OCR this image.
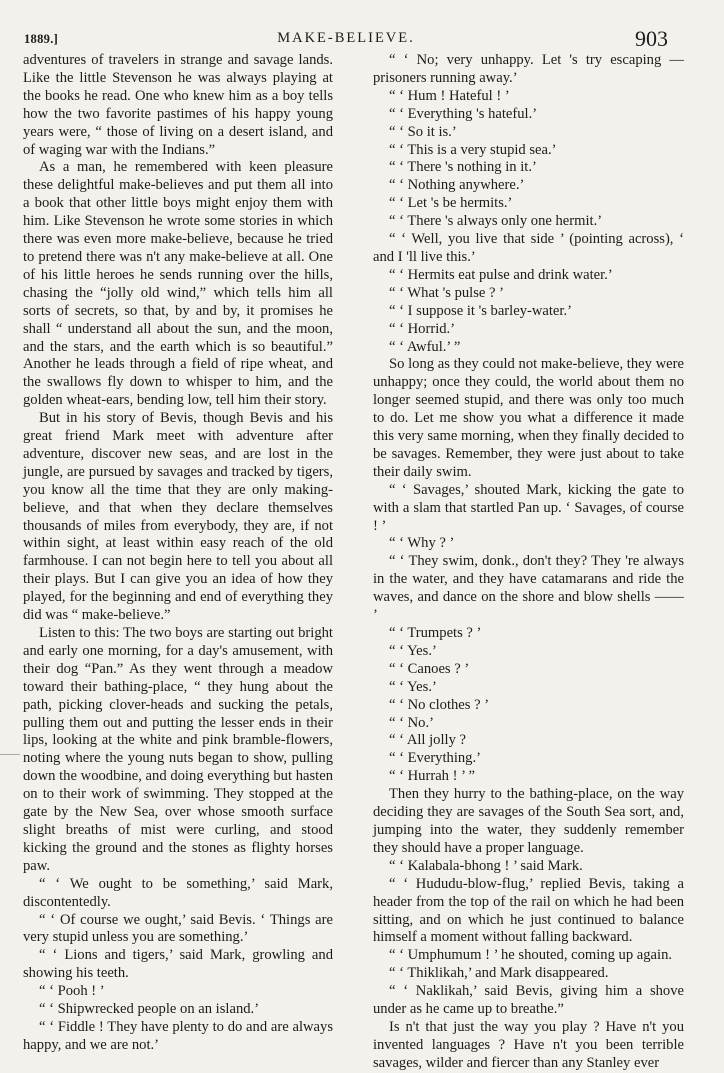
1889.]	MAKE-BELIEVE.	903

adventures of travelers in strange and savage lands. Like the little Stevenson he was always playing at the books he read. One who knew him as a boy tells how the two favorite pastimes of his happy young years were, “ those of living on a desert island, and of waging war with the Indians.”

As a man, he remembered with keen pleasure these delightful make-believes and put them all into a book that other little boys might enjoy them with him. Like Stevenson he wrote some stories in which there was even more make-believe, because he tried to pretend there was n't any make-believe at all. One of his little heroes he sends running over the hills, chasing the “jolly old wind,” which tells him all sorts of secrets, so that, by and by, it promises he shall “ understand all about the sun, and the moon, and the stars, and the earth which is so beautiful.” Another he leads through a field of ripe wheat, and the swallows fly down to whisper to him, and the golden wheat-ears, bending low, tell him their story.

But in his story of Bevis, though Bevis and his great friend Mark meet with adventure after adventure, discover new seas, and are lost in the jungle, are pursued by savages and tracked by tigers, you know all the time that they are only making-believe, and that when they declare themselves thousands of miles from everybody, they are, if not within sight, at least within easy reach of the old farmhouse. I can not begin here to tell you about all their plays. But I can give you an idea of how they played, for the beginning and end of everything they did was “ make-believe.”

Listen to this: The two boys are starting out bright and early one morning, for a day's amusement, with their dog “Pan.” As they went through a meadow toward their bathing-place, “ they hung about the path, picking clover-heads and sucking the petals, pulling them out and putting the lesser ends in their lips, looking at the white and pink bramble-flowers, noting where the young nuts began to show, pulling down the woodbine, and doing everything but hasten on to their work of swimming. They stopped at the gate by the New Sea, over whose smooth surface slight breaths of mist were curling, and stood kicking the ground and the stones as flighty horses paw.

“ ‘ We ought to be something,’ said Mark, discontentedly.

“ ‘ Of course we ought,’ said Bevis. ‘ Things are very stupid unless you are something.’

“ ‘ Lions and tigers,’ said Mark, growling and showing his teeth.

“ ‘ Pooh ! ’

“ ‘ Shipwrecked people on an island.’

“ ‘ Fiddle ! They have plenty to do and are always happy, and we are not.’

“ ‘ No; very unhappy. Let 's try escaping — prisoners running away.’

“ ‘ Hum ! Hateful ! ’

“ ‘ Everything 's hateful.’

“ ‘ So it is.’

“ ‘ This is a very stupid sea.’

“ ‘ There 's nothing in it.’

“ ‘ Nothing anywhere.’

“ ‘ Let 's be hermits.’

“ ‘ There 's always only one hermit.’

“ ‘ Well, you live that side ’ (pointing across), ‘ and I 'll live this.’

“ ‘ Hermits eat pulse and drink water.’

“ ‘ What 's pulse ? ’

“ ‘ I suppose it 's barley-water.’

“ ‘ Horrid.’

“ ‘ Awful.’ ”

So long as they could not make-believe, they were unhappy; once they could, the world about them no longer seemed stupid, and there was only too much to do. Let me show you what a difference it made this very same morning, when they finally decided to be savages. Remember, they were just about to take their daily swim.

“ ‘ Savages,’ shouted Mark, kicking the gate to with a slam that startled Pan up. ‘ Savages, of course ! ’

“ ‘ Why ? ’

“ ‘ They swim, donk., don't they? They 're always in the water, and they have catamarans and ride the waves, and dance on the shore and blow shells —— ’

“ ‘ Trumpets ? ’

“ ‘ Yes.’

“ ‘ Canoes ? ’

“ ‘ Yes.’

“ ‘ No clothes ? ’

“ ‘ No.’

“ ‘ All jolly ?

“ ‘ Everything.’

“ ‘ Hurrah ! ’ ”

Then they hurry to the bathing-place, on the way deciding they are savages of the South Sea sort, and, jumping into the water, they suddenly remember they should have a proper language.

“ ‘ Kalabala-bhong ! ’ said Mark.

“ ‘ Hududu-blow-flug,’ replied Bevis, taking a header from the top of the rail on which he had been sitting, and on which he just continued to balance himself a moment without falling backward.

“ ‘ Umphumum ! ’ he shouted, coming up again.

“ ‘ Thiklikah,’ and Mark disappeared.

“ ‘ Naklikah,’ said Bevis, giving him a shove under as he came up to breathe.”

Is n't that just the way you play ? Have n't you invented languages ? Have n't you been terrible savages, wilder and fiercer than any Stanley ever
